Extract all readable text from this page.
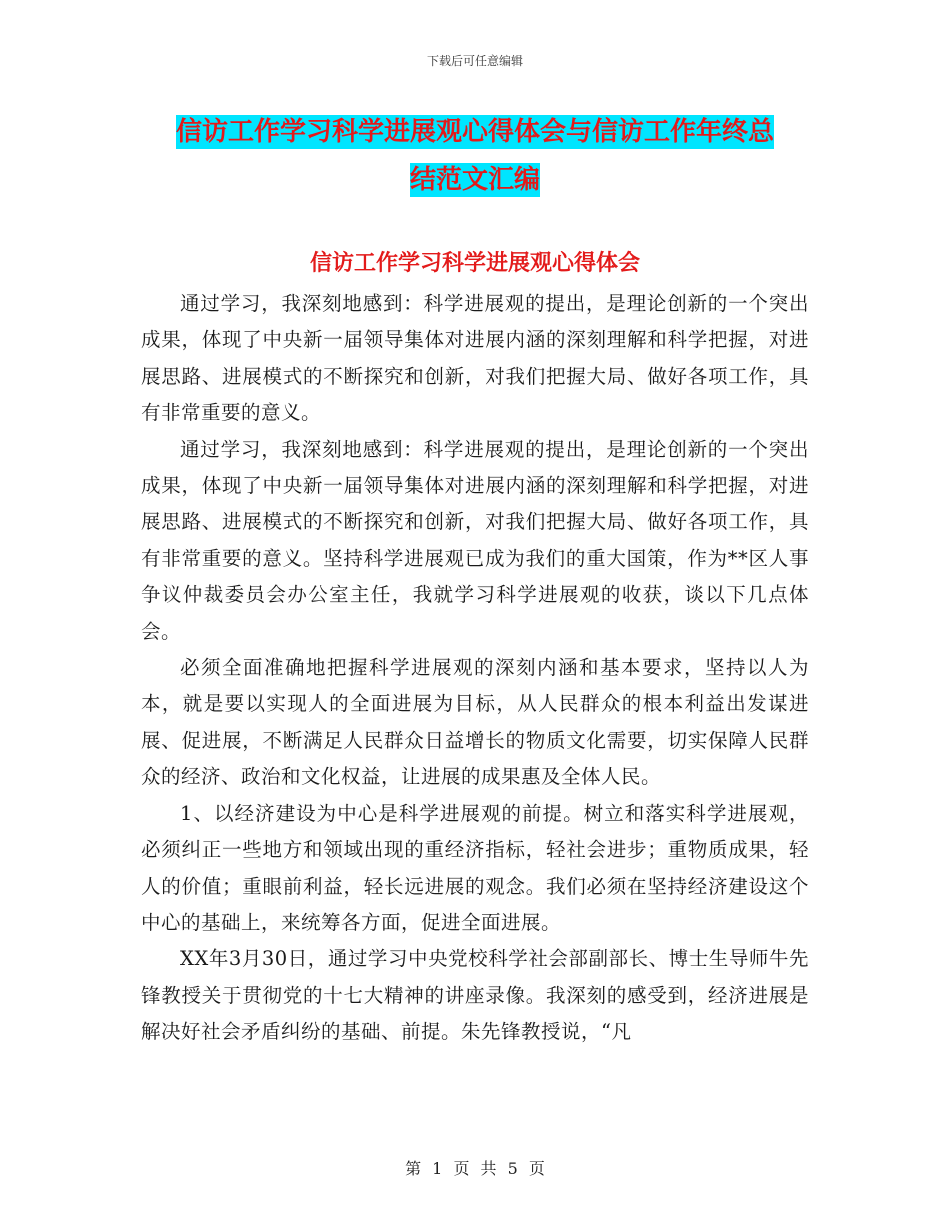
下载后可任意编辑
信访工作学习科学进展观心得体会与信访工作年终总
结范文汇编
信访工作学习科学进展观心得体会

通过学习，我深刻地感到：科学进展观的提出，是理论创新的一个突出成果，体现了中央新一届领导集体对进展内涵的深刻理解和科学把握，对进展思路、进展模式的不断探究和创新，对我们把握大局、做好各项工作，具有非常重要的意义。

通过学习，我深刻地感到：科学进展观的提出，是理论创新的一个突出成果，体现了中央新一届领导集体对进展内涵的深刻理解和科学把握，对进展思路、进展模式的不断探究和创新，对我们把握大局、做好各项工作，具有非常重要的意义。坚持科学进展观已成为我们的重大国策，作为**区人事争议仲裁委员会办公室主任，我就学习科学进展观的收获，谈以下几点体会。

必须全面准确地把握科学进展观的深刻内涵和基本要求，坚持以人为本，就是要以实现人的全面进展为目标，从人民群众的根本利益出发谋进展、促进展，不断满足人民群众日益增长的物质文化需要，切实保障人民群众的经济、政治和文化权益，让进展的成果惠及全体人民。

1、以经济建设为中心是科学进展观的前提。树立和落实科学进展观，必须纠正一些地方和领域出现的重经济指标，轻社会进步；重物质成果，轻人的价值；重眼前利益，轻长远进展的观念。我们必须在坚持经济建设这个中心的基础上，来统筹各方面，促进全面进展。

XX年3月30日，通过学习中央党校科学社会部副部长、博士生导师牛先锋教授关于贯彻党的十七大精神的讲座录像。我深刻的感受到，经济进展是解决好社会矛盾纠纷的基础、前提。朱先锋教授说，“凡

第 1 页 共 5 页
